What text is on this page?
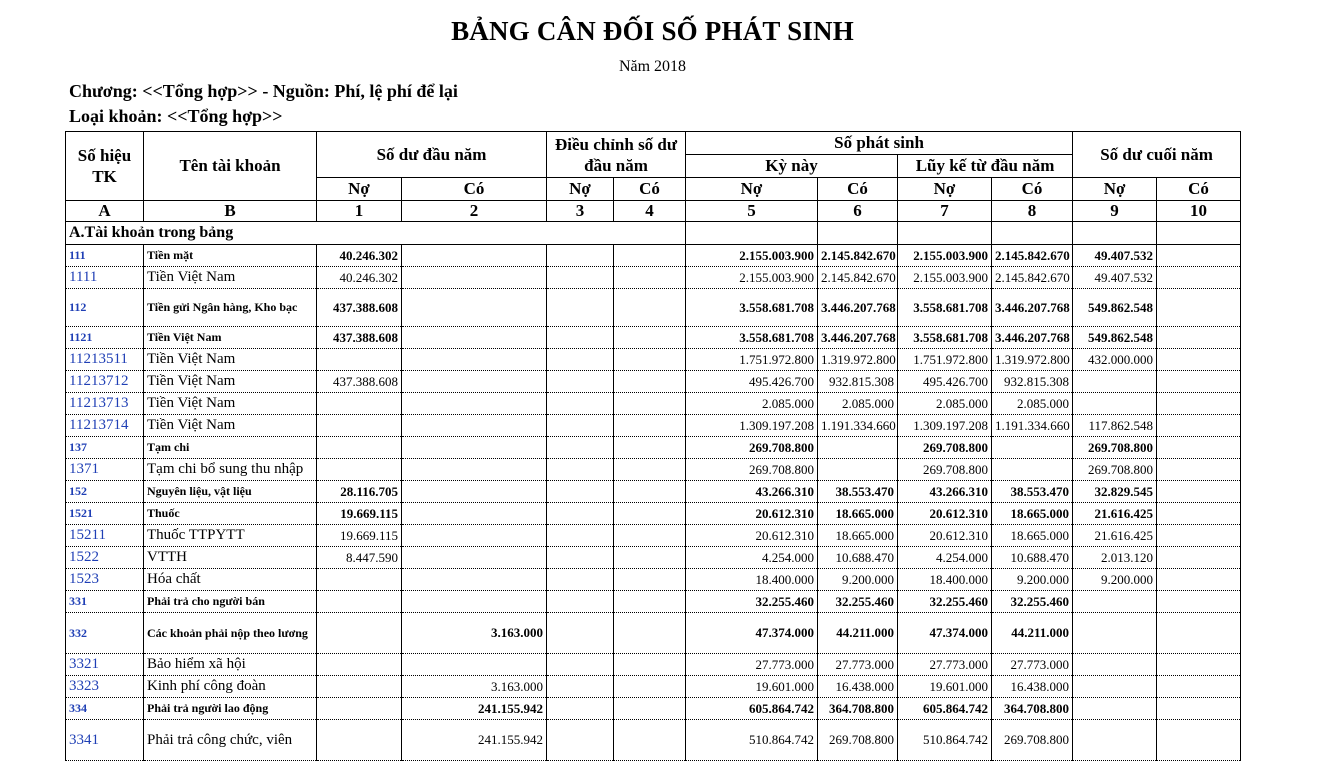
BẢNG CÂN ĐỐI SỐ PHÁT SINH
Năm 2018
Chương: <<Tổng hợp>> - Nguồn: Phí, lệ phí để lại
Loại khoản: <<Tổng hợp>>
Số hiệu TK	Tên tài khoản	Số dư đầu năm		Điều chỉnh số dư đầu năm		Số phát sinh				Số dư cuối năm	
						Kỳ này		Lũy kế từ đầu năm			
		Nợ	Có	Nợ	Có	Nợ	Có	Nợ	Có	Nợ	Có
A	B	1	2	3	4	5	6	7	8	9	10
A.Tài khoản trong bảng											
111	Tiền mặt	40.246.302				2.155.003.900	2.145.842.670	2.155.003.900	2.145.842.670	49.407.532	
1111	Tiền Việt Nam	40.246.302				2.155.003.900	2.145.842.670	2.155.003.900	2.145.842.670	49.407.532	
112	Tiền gửi Ngân hàng, Kho bạc	437.388.608				3.558.681.708	3.446.207.768	3.558.681.708	3.446.207.768	549.862.548	
1121	Tiền Việt Nam	437.388.608				3.558.681.708	3.446.207.768	3.558.681.708	3.446.207.768	549.862.548	
11213511	Tiền Việt Nam					1.751.972.800	1.319.972.800	1.751.972.800	1.319.972.800	432.000.000	
11213712	Tiền Việt Nam	437.388.608				495.426.700	932.815.308	495.426.700	932.815.308		
11213713	Tiền Việt Nam					2.085.000	2.085.000	2.085.000	2.085.000		
11213714	Tiền Việt Nam					1.309.197.208	1.191.334.660	1.309.197.208	1.191.334.660	117.862.548	
137	Tạm chi					269.708.800		269.708.800		269.708.800	
1371	Tạm chi bổ sung thu nhập					269.708.800		269.708.800		269.708.800	
152	Nguyên liệu, vật liệu	28.116.705				43.266.310	38.553.470	43.266.310	38.553.470	32.829.545	
1521	Thuốc	19.669.115				20.612.310	18.665.000	20.612.310	18.665.000	21.616.425	
15211	Thuốc TTPYTT	19.669.115				20.612.310	18.665.000	20.612.310	18.665.000	21.616.425	
1522	VTTH	8.447.590				4.254.000	10.688.470	4.254.000	10.688.470	2.013.120	
1523	Hóa chất					18.400.000	9.200.000	18.400.000	9.200.000	9.200.000	
331	Phải trả cho người bán					32.255.460	32.255.460	32.255.460	32.255.460		
332	Các khoản phải nộp theo lương		3.163.000			47.374.000	44.211.000	47.374.000	44.211.000		
3321	Bảo hiểm xã hội					27.773.000	27.773.000	27.773.000	27.773.000		
3323	Kinh phí công đoàn		3.163.000			19.601.000	16.438.000	19.601.000	16.438.000		
334	Phải trả người lao động		241.155.942			605.864.742	364.708.800	605.864.742	364.708.800		
3341	Phải trả công chức, viên		241.155.942			510.864.742	269.708.800	510.864.742	269.708.800		
